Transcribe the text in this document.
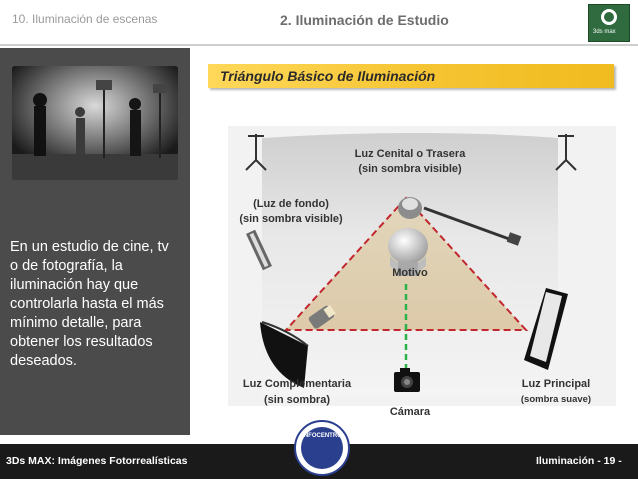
10. Iluminación de escenas	2. Iluminación de Estudio
3ds max
En un estudio de cine, tv o de fotografía, la iluminación hay que controlarla hasta el más mínimo detalle, para obtener los resultados deseados.
Triángulo Básico de Iluminación
Luz Cenital o Trasera
(sin sombra visible)
(Luz de fondo)
(sin sombra visible)
Motivo
Luz Complementaria
(sin sombra)
Cámara
Luz Principal
(sombra suave)
3Ds MAX: Imágenes Fotorrealísticas	Iluminación - 19 -
INFOCENTRO
